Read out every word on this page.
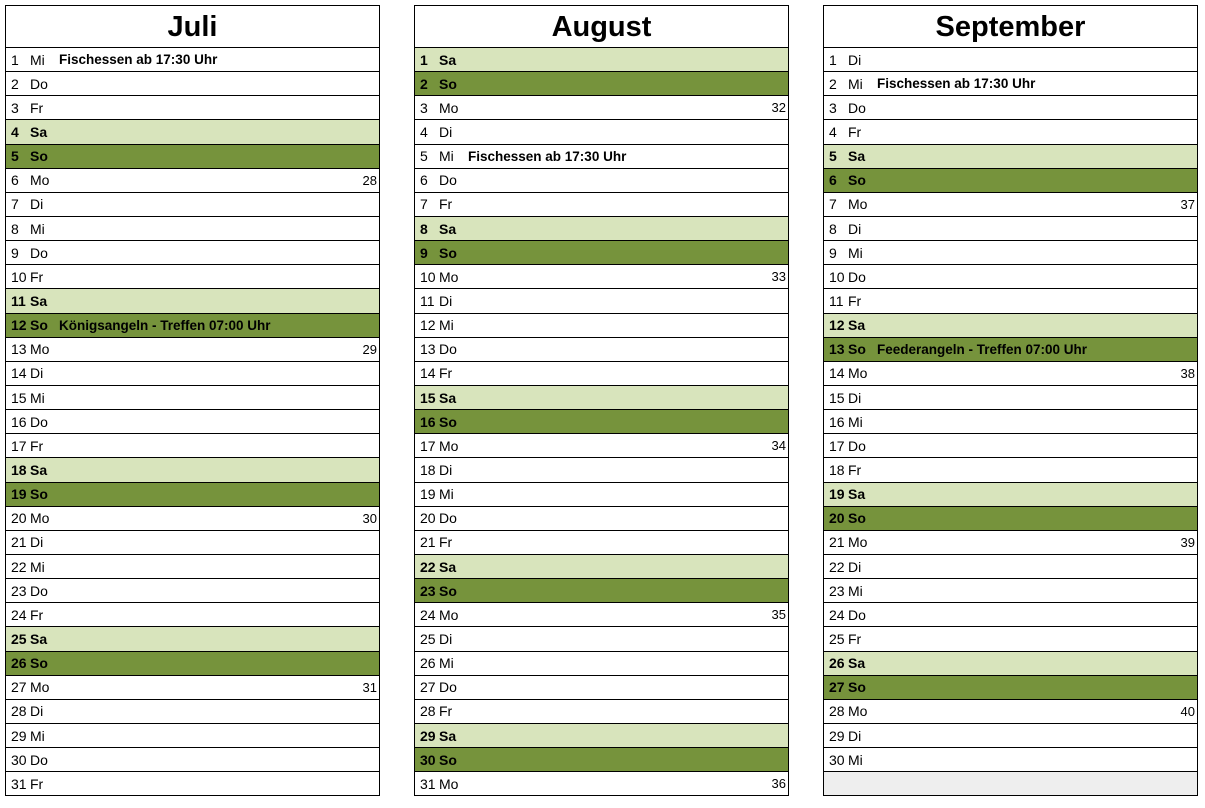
Juli
1 Mi	Fischessen ab 17:30 Uhr
2 Do
3 Fr
4 Sa
5 So
6 Mo	28
7 Di
8 Mi
9 Do
10 Fr
11 Sa
12 So Königsangeln - Treffen 07:00 Uhr
13 Mo	29
14 Di
15 Mi
16 Do
17 Fr
18 Sa
19 So
20 Mo	30
21 Di
22 Mi
23 Do
24 Fr
25 Sa
26 So
27 Mo	31
28 Di
29 Mi
30 Do
31 Fr
August
1 Sa
2 So
3 Mo	32
4 Di
5 Mi	Fischessen ab 17:30 Uhr
6 Do
7 Fr
8 Sa
9 So
10 Mo	33
11 Di
12 Mi
13 Do
14 Fr
15 Sa
16 So
17 Mo	34
18 Di
19 Mi
20 Do
21 Fr
22 Sa
23 So
24 Mo	35
25 Di
26 Mi
27 Do
28 Fr
29 Sa
30 So
31 Mo	36
September
1 Di
2 Mi	Fischessen ab 17:30 Uhr
3 Do
4 Fr
5 Sa
6 So
7 Mo	37
8 Di
9 Mi
10 Do
11 Fr
12 Sa
13 So Feederangeln - Treffen 07:00 Uhr
14 Mo	38
15 Di
16 Mi
17 Do
18 Fr
19 Sa
20 So
21 Mo	39
22 Di
23 Mi
24 Do
25 Fr
26 Sa
27 So
28 Mo	40
29 Di
30 Mi
